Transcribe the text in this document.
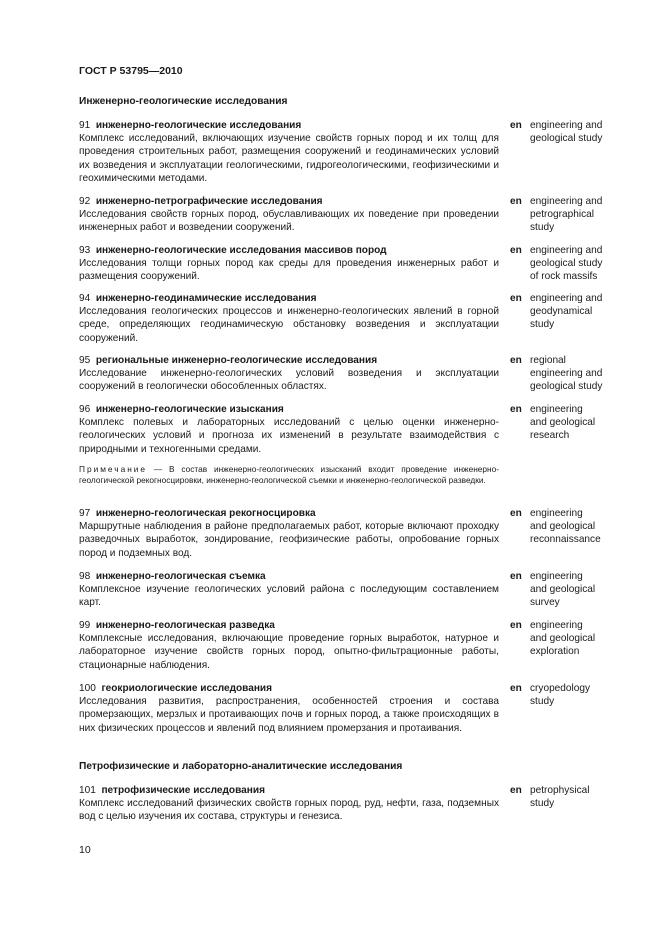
ГОСТ Р 53795—2010
Инженерно-геологические исследования
91 инженерно-геологические исследования
Комплекс исследований, включающих изучение свойств горных пород и их толщ для проведения строительных работ, размещения сооружений и геодинамических условий их возведения и эксплуатации геологическими, гидрогеологическими, геофизическими и геохимическими методами.
en engineering and
geological study
92 инженерно-петрографические исследования
Исследования свойств горных пород, обуславливающих их поведение при проведении инженерных работ и возведении сооружений.
en engineering and
petrographical
study
93 инженерно-геологические исследования массивов пород
Исследования толщи горных пород как среды для проведения инженерных работ и размещения сооружений.
en engineering and
geological study
of rock massifs
94 инженерно-геодинамические исследования
Исследования геологических процессов и инженерно-геологических явлений в горной среде, определяющих геодинамическую обстановку возведения и эксплуатации сооружений.
en engineering and
geodynamical
study
95 региональные инженерно-геологические исследования
Исследование инженерно-геологических условий возведения и эксплуатации сооружений в геологически обособленных областях.
en regional
engineering and
geological study
96 инженерно-геологические изыскания
Комплекс полевых и лабораторных исследований с целью оценки инженерно-геологических условий и прогноза их изменений в результате взаимодействия с природными и техногенными средами.
en engineering
and geological
research
Примечание — В состав инженерно-геологических изысканий входит проведение инженерно-геологической рекогносцировки, инженерно-геологической съемки и инженерно-геологической разведки.
97 инженерно-геологическая рекогносцировка
Маршрутные наблюдения в районе предполагаемых работ, которые включают проходку разведочных выработок, зондирование, геофизические работы, опробование горных пород и подземных вод.
en engineering
and geological
reconnaissance
98 инженерно-геологическая съемка
Комплексное изучение геологических условий района с последующим составлением карт.
en engineering
and geological
survey
99 инженерно-геологическая разведка
Комплексные исследования, включающие проведение горных выработок, натурное и лабораторное изучение свойств горных пород, опытно-фильтрационные работы, стационарные наблюдения.
en engineering
and geological
exploration
100 геокриологические исследования
Исследования развития, распространения, особенностей строения и состава промерзающих, мерзлых и протаивающих почв и горных пород, а также происходящих в них физических процессов и явлений под влиянием промерзания и протаивания.
en cryopedology
study
Петрофизические и лабораторно-аналитические исследования
101 петрофизические исследования
Комплекс исследований физических свойств горных пород, руд, нефти, газа, подземных вод с целью изучения их состава, структуры и генезиса.
en petrophysical
study
10
